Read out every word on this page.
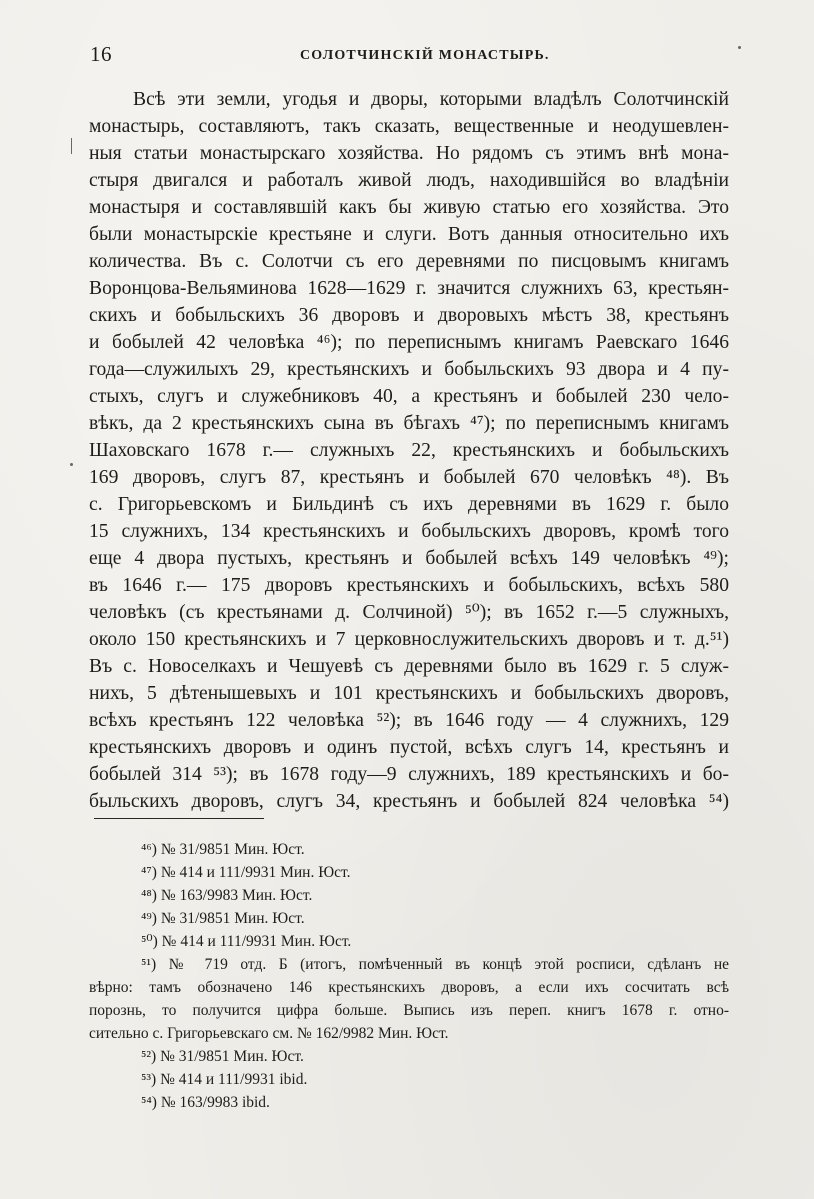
16	СОЛОТЧИНСКІЙ МОНАСТЫРЬ.
Всѣ эти земли, угодья и дворы, которыми владѣлъ Солотчинскій
монастырь, составляютъ, такъ сказать, вещественные и неодушевлен-
ныя статьи монастырскаго хозяйства. Но рядомъ съ этимъ внѣ мона-
стыря двигался и работалъ живой людъ, находившійся во владѣніи
монастыря и составлявшій какъ бы живую статью его хозяйства. Это
были монастырскіе крестьяне и слуги. Вотъ данныя относительно ихъ
количества. Въ с. Солотчи съ его деревнями по писцовымъ книгамъ
Воронцова-Вельяминова 1628—1629 г. значится служнихъ 63, крестьян-
скихъ и бобыльскихъ 36 дворовъ и дворовыхъ мѣстъ 38, крестьянъ
и бобылей 42 человѣка ⁴⁶); по переписнымъ книгамъ Раевскаго 1646
года—служилыхъ 29, крестьянскихъ и бобыльскихъ 93 двора и 4 пу-
стыхъ, слугъ и служебниковъ 40, а крестьянъ и бобылей 230 чело-
вѣкъ, да 2 крестьянскихъ сына въ бѣгахъ ⁴⁷); по переписнымъ книгамъ
Шаховскаго 1678 г.— служныхъ 22, крестьянскихъ и бобыльскихъ
169 дворовъ, слугъ 87, крестьянъ и бобылей 670 человѣкъ ⁴⁸). Въ
с. Григорьевскомъ и Бильдинѣ съ ихъ деревнями въ 1629 г. было
15 служнихъ, 134 крестьянскихъ и бобыльскихъ дворовъ, кромѣ того
еще 4 двора пустыхъ, крестьянъ и бобылей всѣхъ 149 человѣкъ ⁴⁹);
въ 1646 г.— 175 дворовъ крестьянскихъ и бобыльскихъ, всѣхъ 580
человѣкъ (съ крестьянами д. Солчиной) ⁵⁰); въ 1652 г.—5 служныхъ,
около 150 крестьянскихъ и 7 церковнослужительскихъ дворовъ и т. д.⁵¹)
Въ с. Новоселкахъ и Чешуевѣ съ деревнями было въ 1629 г. 5 служ-
нихъ, 5 дѣтенышевыхъ и 101 крестьянскихъ и бобыльскихъ дворовъ,
всѣхъ крестьянъ 122 человѣка ⁵²); въ 1646 году — 4 служнихъ, 129
крестьянскихъ дворовъ и одинъ пустой, всѣхъ слугъ 14, крестьянъ и
бобылей 314 ⁵³); въ 1678 году—9 служнихъ, 189 крестьянскихъ и бо-
быльскихъ дворовъ, слугъ 34, крестьянъ и бобылей 824 человѣка ⁵⁴)
⁴⁶) № 31/9851 Мин. Юст.
⁴⁷) № 414 и 111/9931 Мин. Юст.
⁴⁸) № 163/9983 Мин. Юст.
⁴⁹) № 31/9851 Мин. Юст.
⁵⁰) № 414 и 111/9931 Мин. Юст.
⁵¹) № 719 отд. Б (итогъ, помѣченный въ концѣ этой росписи, сдѣланъ не
вѣрно: тамъ обозначено 146 крестьянскихъ дворовъ, а если ихъ сосчитать всѣ
порознь, то получится цифра больше. Выпись изъ переп. книгъ 1678 г. отно-
сительно с. Григорьевскаго см. № 162/9982 Мин. Юст.
⁵²) № 31/9851 Мин. Юст.
⁵³) № 414 и 111/9931 ibid.
⁵⁴) № 163/9983 ibid.
